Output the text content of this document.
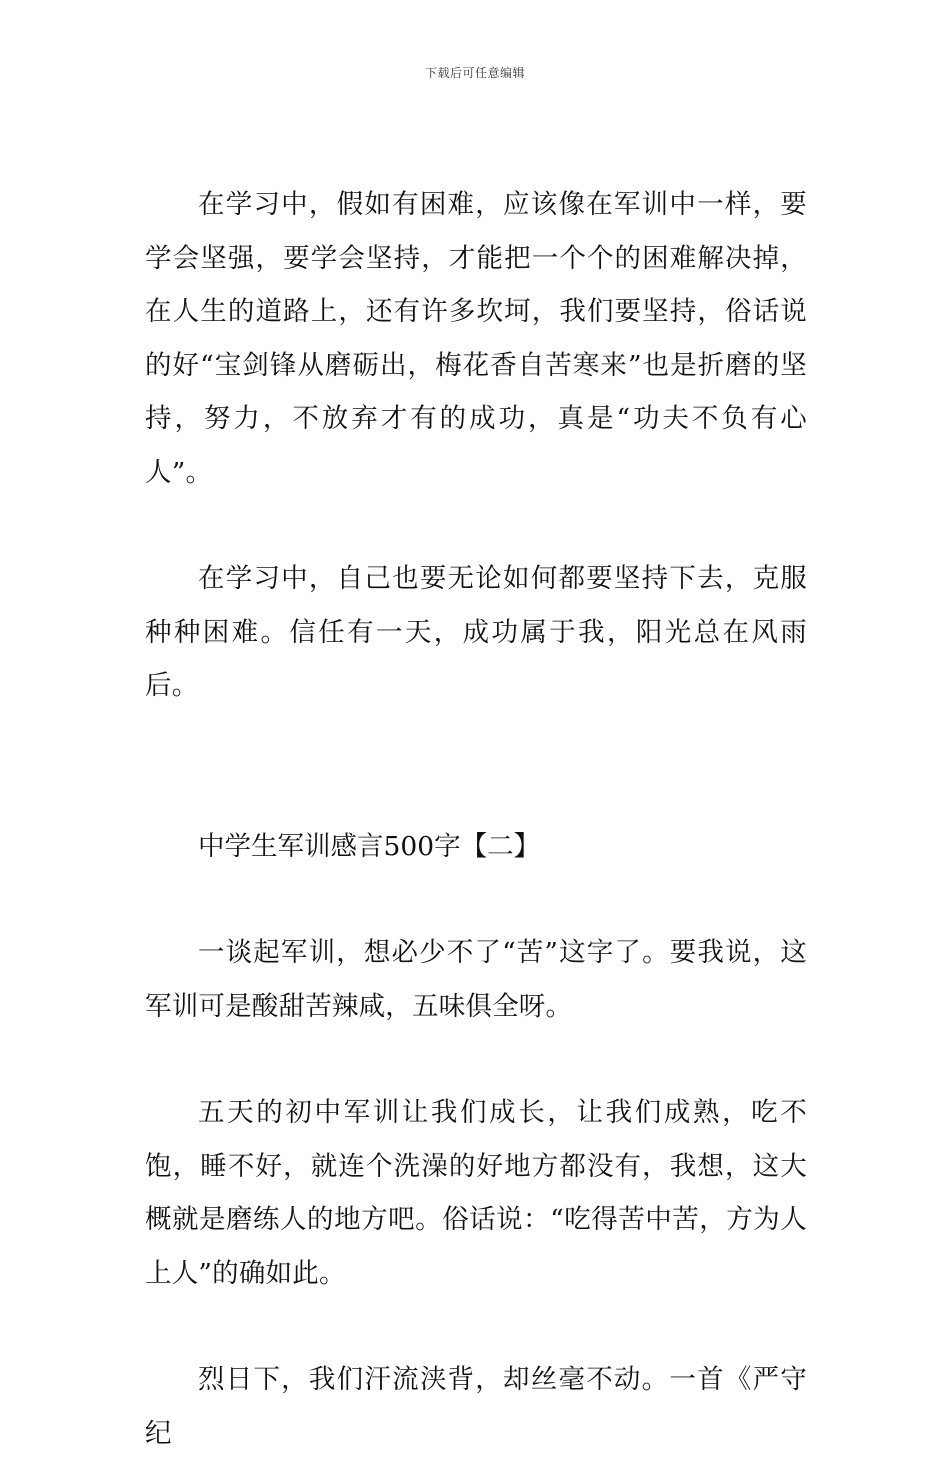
下载后可任意编辑

在学习中，假如有困难，应该像在军训中一样，要学会坚强，要学会坚持，才能把一个个的困难解决掉，在人生的道路上，还有许多坎坷，我们要坚持，俗话说的好“宝剑锋从磨砺出，梅花香自苦寒来”也是折磨的坚持，努力，不放弃才有的成功，真是“功夫不负有心人”。

在学习中，自己也要无论如何都要坚持下去，克服种种困难。信任有一天，成功属于我，阳光总在风雨后。

中学生军训感言500字【二】

一谈起军训，想必少不了“苦”这字了。要我说，这军训可是酸甜苦辣咸，五味俱全呀。

五天的初中军训让我们成长，让我们成熟，吃不饱，睡不好，就连个洗澡的好地方都没有，我想，这大概就是磨练人的地方吧。俗话说：“吃得苦中苦，方为人上人”的确如此。

烈日下，我们汗流浃背，却丝毫不动。一首《严守纪
